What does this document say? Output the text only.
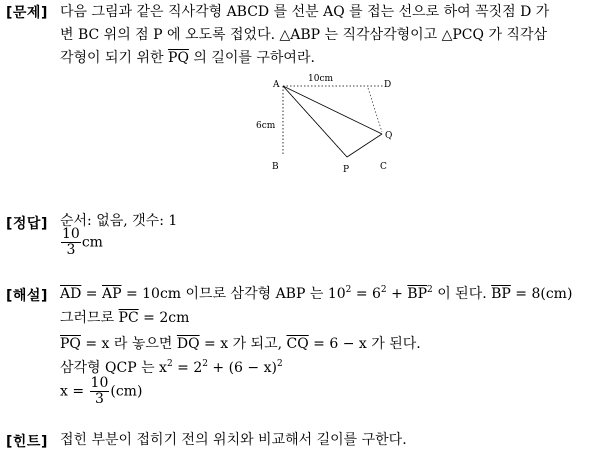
[문제] 다음 그림과 같은 직사각형 ABCD 를 선분 AQ 를 접는 선으로 하여 꼭짓점 D 가
변 BC 위의 점 P 에 오도록 접었다. △ABP 는 직각삼각형이고 △PCQ 가 직각삼
각형이 되기 위한 $\overline{PQ}$ 의 길이를 구하여라.
A	D
B	C
P
Q
10cm
6cm
[정답] 순서: 없음, 갯수: 1
$\frac{10}{3}$ cm
[해설] $\overline{AD} = \overline{AP} = 10cm$ 이므로 삼각형 ABP 는 $10^2 = 6^2 + \overline{BP}^2$ 이 된다. $\overline{BP} = 8(cm)$
그러므로 $\overline{PC} = 2cm$
$\overline{PQ} = x$ 라 놓으면 $\overline{DQ} = x$ 가 되고, $\overline{CQ} = 6 - x$ 가 된다.
삼각형 QCP 는 $x^2 = 2^2 + (6 - x)^2$
$x = \frac{10}{3} (cm)$
[힌트] 접힌 부분이 접히기 전의 위치와 비교해서 길이를 구한다.
